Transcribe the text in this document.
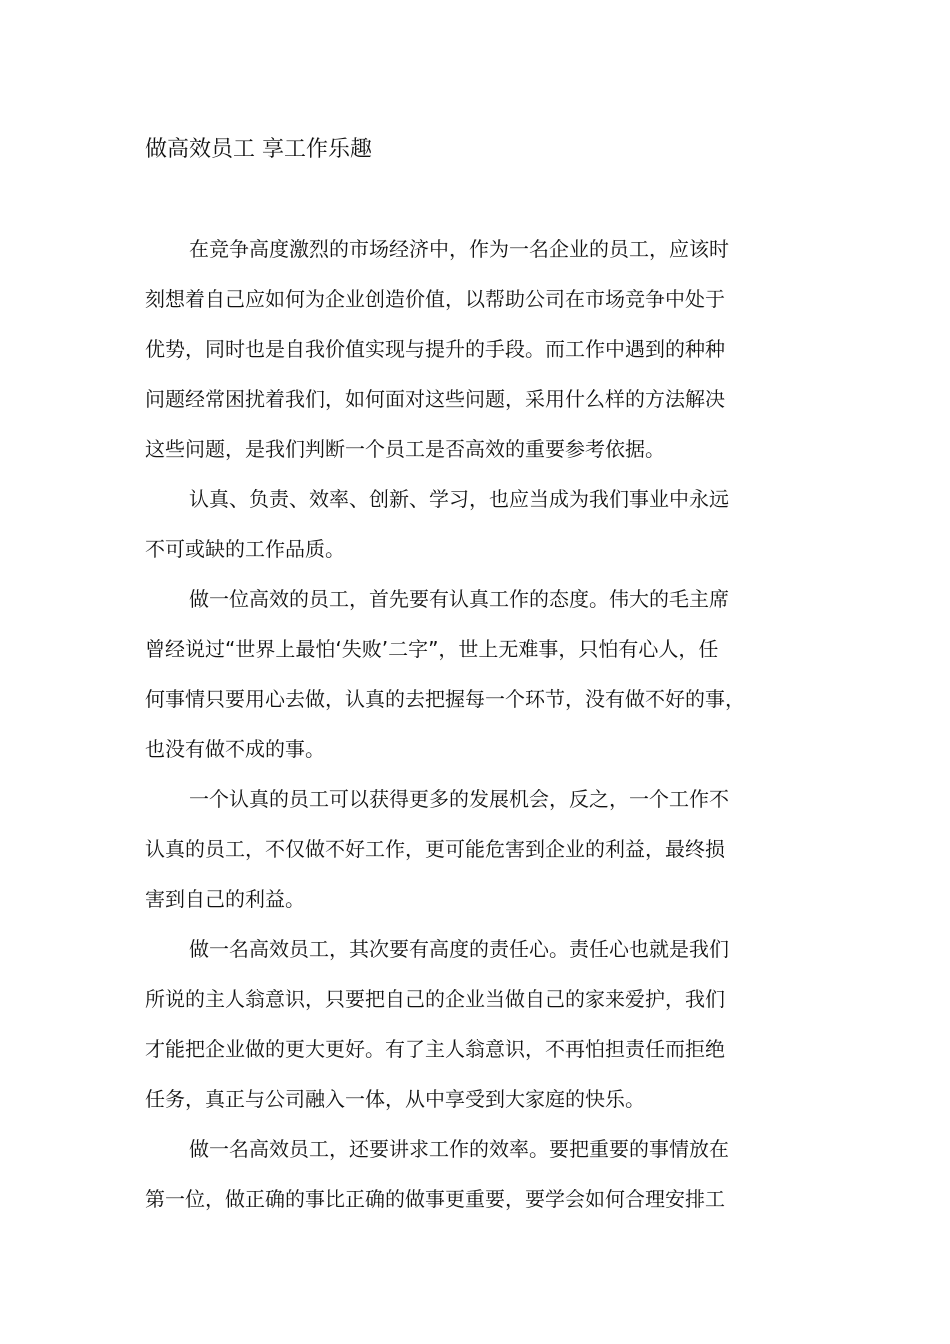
做高效员工 享工作乐趣
在竞争高度激烈的市场经济中，作为一名企业的员工，应该时
刻想着自己应如何为企业创造价值，以帮助公司在市场竞争中处于
优势，同时也是自我价值实现与提升的手段。而工作中遇到的种种
问题经常困扰着我们，如何面对这些问题，采用什么样的方法解决
这些问题，是我们判断一个员工是否高效的重要参考依据。
认真、负责、效率、创新、学习，也应当成为我们事业中永远
不可或缺的工作品质。
做一位高效的员工，首先要有认真工作的态度。伟大的毛主席
曾经说过“世界上最怕‘失败’二字”，世上无难事，只怕有心人，任
何事情只要用心去做，认真的去把握每一个环节，没有做不好的事，
也没有做不成的事。
一个认真的员工可以获得更多的发展机会，反之，一个工作不
认真的员工，不仅做不好工作，更可能危害到企业的利益，最终损
害到自己的利益。
做一名高效员工，其次要有高度的责任心。责任心也就是我们
所说的主人翁意识，只要把自己的企业当做自己的家来爱护，我们
才能把企业做的更大更好。有了主人翁意识，不再怕担责任而拒绝
任务，真正与公司融入一体，从中享受到大家庭的快乐。
做一名高效员工，还要讲求工作的效率。要把重要的事情放在
第一位，做正确的事比正确的做事更重要，要学会如何合理安排工
